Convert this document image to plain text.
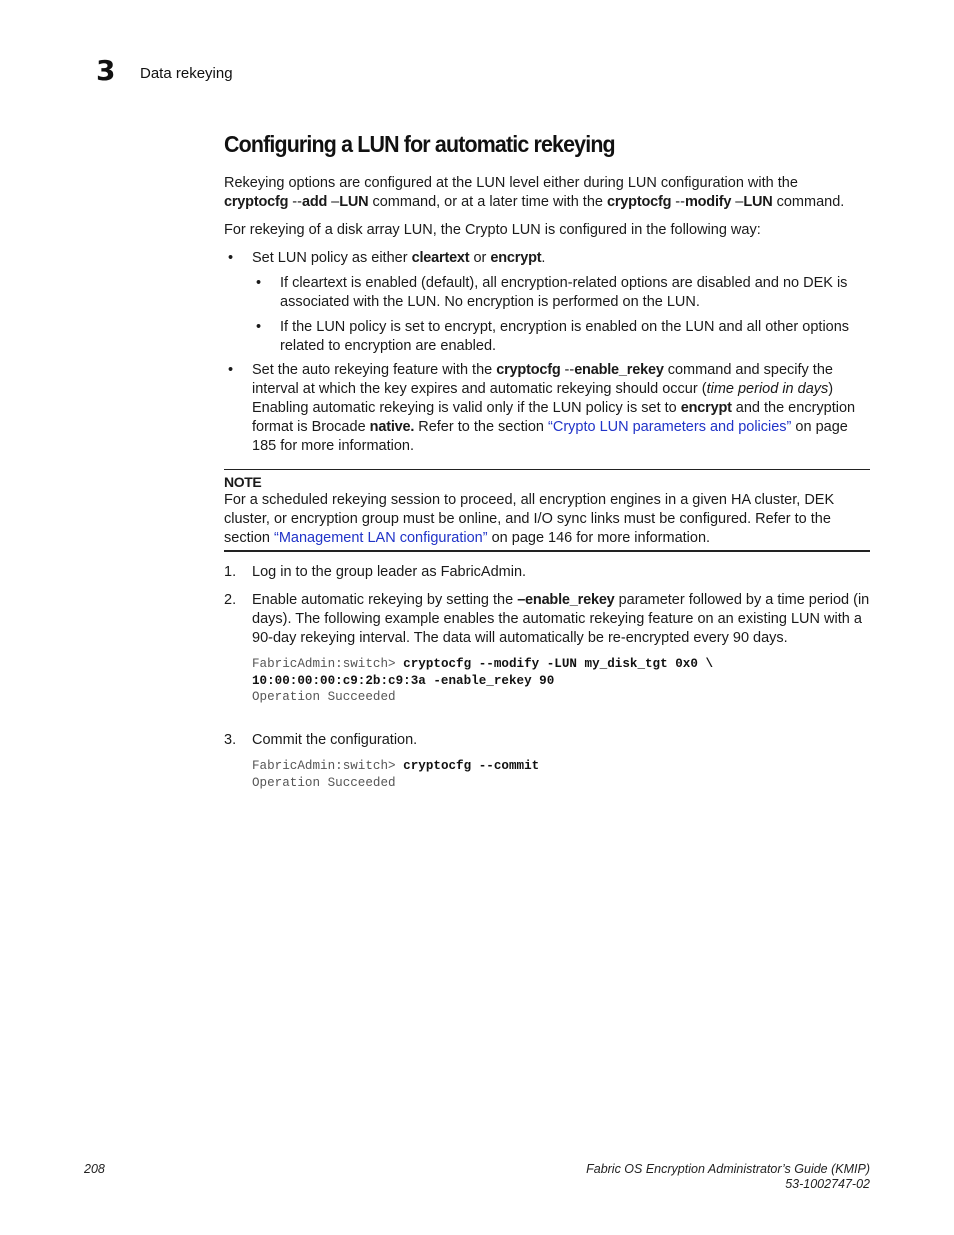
3 Data rekeying
Configuring a LUN for automatic rekeying

Rekeying options are configured at the LUN level either during LUN configuration with the
cryptocfg --add –LUN command, or at a later time with the cryptocfg --modify –LUN command.

For rekeying of a disk array LUN, the Crypto LUN is configured in the following way:
• Set LUN policy as either cleartext or encrypt.
• If cleartext is enabled (default), all encryption-related options are disabled and no DEK is associated with the LUN. No encryption is performed on the LUN.
• If the LUN policy is set to encrypt, encryption is enabled on the LUN and all other options related to encryption are enabled.
• Set the auto rekeying feature with the cryptocfg --enable_rekey command and specify the interval at which the key expires and automatic rekeying should occur (time period in days) Enabling automatic rekeying is valid only if the LUN policy is set to encrypt and the encryption format is Brocade native. Refer to the section “Crypto LUN parameters and policies” on page 185 for more information.
NOTE

For a scheduled rekeying session to proceed, all encryption engines in a given HA cluster, DEK cluster, or encryption group must be online, and I/O sync links must be configured. Refer to the section “Management LAN configuration” on page 146 for more information.

1. Log in to the group leader as FabricAdmin.
2. Enable automatic rekeying by setting the –enable_rekey parameter followed by a time period (in days). The following example enables the automatic rekeying feature on an existing LUN with a 90-day rekeying interval. The data will automatically be re-encrypted every 90 days.
FabricAdmin:switch> cryptocfg --modify -LUN my_disk_tgt 0x0 \
10:00:00:00:c9:2b:c9:3a -enable_rekey 90
Operation Succeeded
3. Commit the configuration.
FabricAdmin:switch> cryptocfg --commit
Operation Succeeded
208	Fabric OS Encryption Administrator’s Guide (KMIP)
53-1002747-02
